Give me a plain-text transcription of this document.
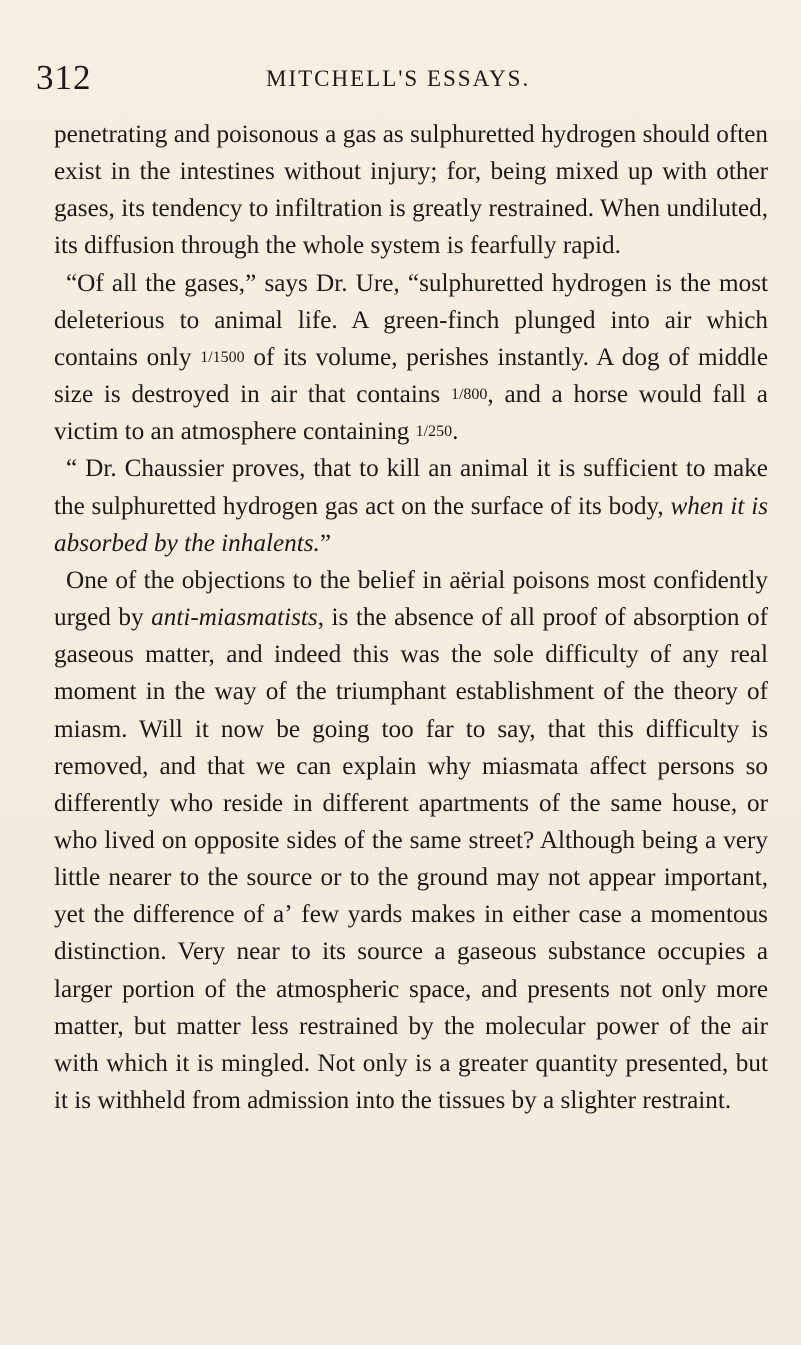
312	MITCHELL'S ESSAYS.

penetrating and poisonous a gas as sulphuretted hydrogen should often exist in the intestines without injury; for, being mixed up with other gases, its tendency to infiltration is greatly restrained. When undiluted, its diffusion through the whole system is fearfully rapid.

“Of all the gases,” says Dr. Ure, “sulphuretted hydrogen is the most deleterious to animal life. A green-finch plunged into air which contains only 1/1500 of its volume, perishes instantly. A dog of middle size is destroyed in air that contains 1/800, and a horse would fall a victim to an atmosphere containing 1/250.

“ Dr. Chaussier proves, that to kill an animal it is sufficient to make the sulphuretted hydrogen gas act on the surface of its body, when it is absorbed by the inhalents.”

One of the objections to the belief in aërial poisons most confidently urged by anti-miasmatists, is the absence of all proof of absorption of gaseous matter, and indeed this was the sole difficulty of any real moment in the way of the triumphant establishment of the theory of miasm. Will it now be going too far to say, that this difficulty is removed, and that we can explain why miasmata affect persons so differently who reside in different apartments of the same house, or who lived on opposite sides of the same street? Although being a very little nearer to the source or to the ground may not appear important, yet the difference of aʼ few yards makes in either case a momentous distinction. Very near to its source a gaseous substance occupies a larger portion of the atmospheric space, and presents not only more matter, but matter less restrained by the molecular power of the air with which it is mingled. Not only is a greater quantity presented, but it is withheld from admission into the tissues by a slighter restraint.
